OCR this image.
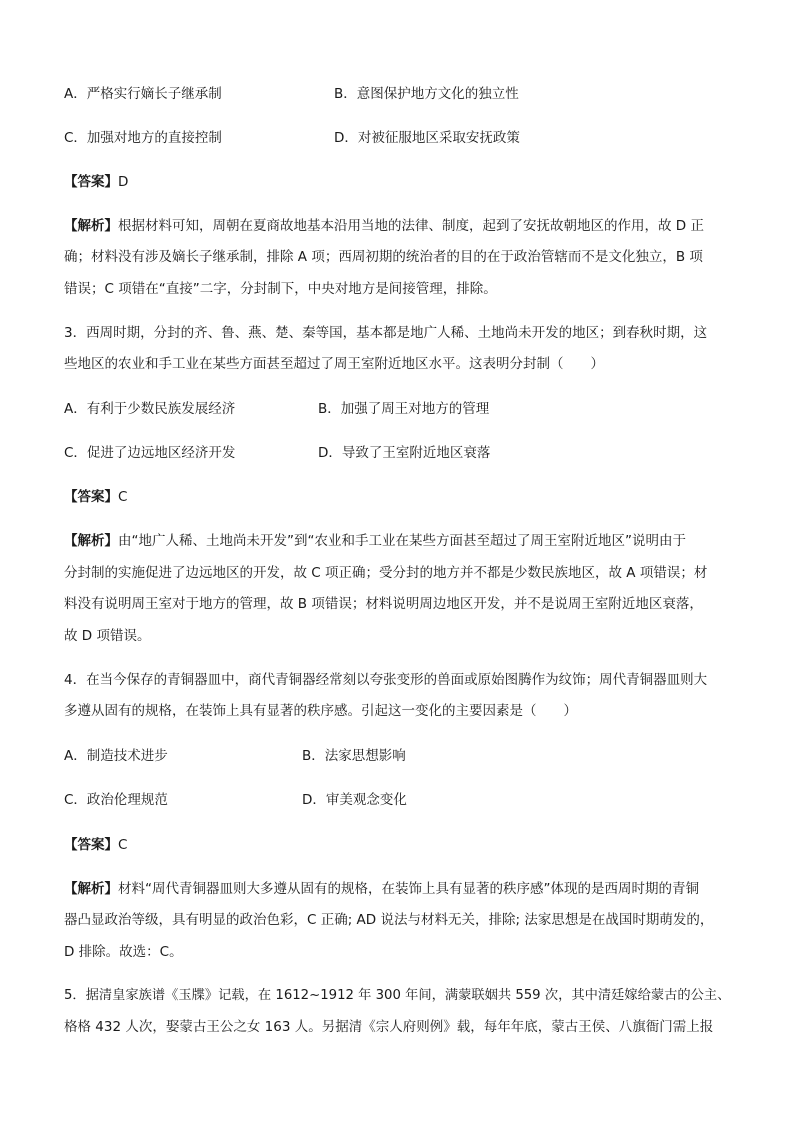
A．严格实行嫡长子继承制	B．意图保护地方文化的独立性
C．加强对地方的直接控制	D．对被征服地区采取安抚政策
【答案】D
【解析】根据材料可知，周朝在夏商故地基本沿用当地的法律、制度，起到了安抚故朝地区的作用，故 D 正
确；材料没有涉及嫡长子继承制，排除 A 项；西周初期的统治者的目的在于政治管辖而不是文化独立，B 项
错误；C 项错在“直接”二字，分封制下，中央对地方是间接管理，排除。
3．西周时期，分封的齐、鲁、燕、楚、秦等国，基本都是地广人稀、土地尚未开发的地区；到春秋时期，这
些地区的农业和手工业在某些方面甚至超过了周王室附近地区水平。这表明分封制（　　）
A．有利于少数民族发展经济	B．加强了周王对地方的管理
C．促进了边远地区经济开发	D．导致了王室附近地区衰落
【答案】C
【解析】由“地广人稀、土地尚未开发”到“农业和手工业在某些方面甚至超过了周王室附近地区”说明由于
分封制的实施促进了边远地区的开发，故 C 项正确；受分封的地方并不都是少数民族地区，故 A 项错误；材
料没有说明周王室对于地方的管理，故 B 项错误；材料说明周边地区开发，并不是说周王室附近地区衰落，
故 D 项错误。
4．在当今保存的青铜器皿中，商代青铜器经常刻以夸张变形的兽面或原始图腾作为纹饰；周代青铜器皿则大
多遵从固有的规格，在装饰上具有显著的秩序感。引起这一变化的主要因素是（　　）
A．制造技术进步	B．法家思想影响
C．政治伦理规范	D．审美观念变化
【答案】C
【解析】材料“周代青铜器皿则大多遵从固有的规格，在装饰上具有显著的秩序感”体现的是西周时期的青铜
器凸显政治等级，具有明显的政治色彩，C 正确; AD 说法与材料无关，排除; 法家思想是在战国时期萌发的，
D 排除。故选：C。
5．据清皇家族谱《玉牒》记载，在 1612~1912 年 300 年间，满蒙联姻共 559 次，其中清廷嫁给蒙古的公主、
格格 432 人次，娶蒙古王公之女 163 人。另据清《宗人府则例》载，每年年底，蒙古王侯、八旗衙门需上报
